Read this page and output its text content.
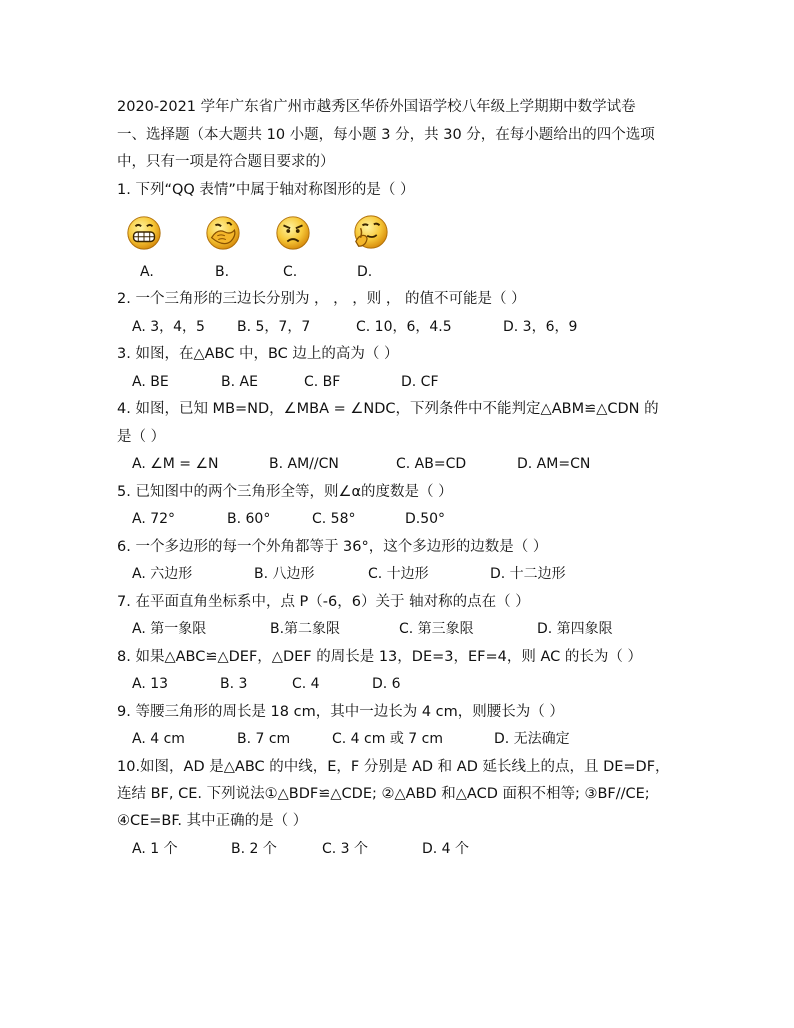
2020-2021 学年广东省广州市越秀区华侨外国语学校八年级上学期期中数学试卷
一、选择题（本大题共 10 小题，每小题 3 分，共 30 分，在每小题给出的四个选项
中，只有一项是符合题目要求的）
1. 下列“QQ 表情”中属于轴对称图形的是（ ）
A.	B.	C.	D.
2. 一个三角形的三边长分别为 ， ， ，则 ， 的值不可能是（ ）
A. 3，4，5 B. 5，7，7	C. 10，6，4.5	D. 3，6，9
3. 如图，在△ABC 中，BC 边上的高为（ ）
A. BE	B. AE	C. BF	D. CF
4. 如图，已知 MB=ND，∠MBA = ∠NDC，下列条件中不能判定△ABM≌△CDN 的
是（ ）
A. ∠M = ∠N	B. AM//CN	C. AB=CD	D. AM=CN
5. 已知图中的两个三角形全等，则∠α的度数是（ ）
A. 72°	B. 60°	C. 58°	D.50°
6. 一个多边形的每一个外角都等于 36°，这个多边形的边数是（ ）
A. 六边形	B. 八边形	C. 十边形	D. 十二边形
7. 在平面直角坐标系中，点 P（-6，6）关于 轴对称的点在（ ）
A. 第一象限	B.第二象限	C. 第三象限	D. 第四象限
8. 如果△ABC≌△DEF，△DEF 的周长是 13，DE=3，EF=4，则 AC 的长为（ ）
A. 13	B. 3	C. 4	D. 6
9. 等腰三角形的周长是 18 cm，其中一边长为 4 cm，则腰长为（ ）
A. 4 cm	B. 7 cm	C. 4 cm 或 7 cm	D. 无法确定
10.如图，AD 是△ABC 的中线，E，F 分别是 AD 和 AD 延长线上的点，且 DE=DF，
连结 BF, CE. 下列说法①△BDF≌△CDE; ②△ABD 和△ACD 面积不相等; ③BF//CE;
④CE=BF. 其中正确的是（ ）
A. 1 个	B. 2 个	C. 3 个	D. 4 个
